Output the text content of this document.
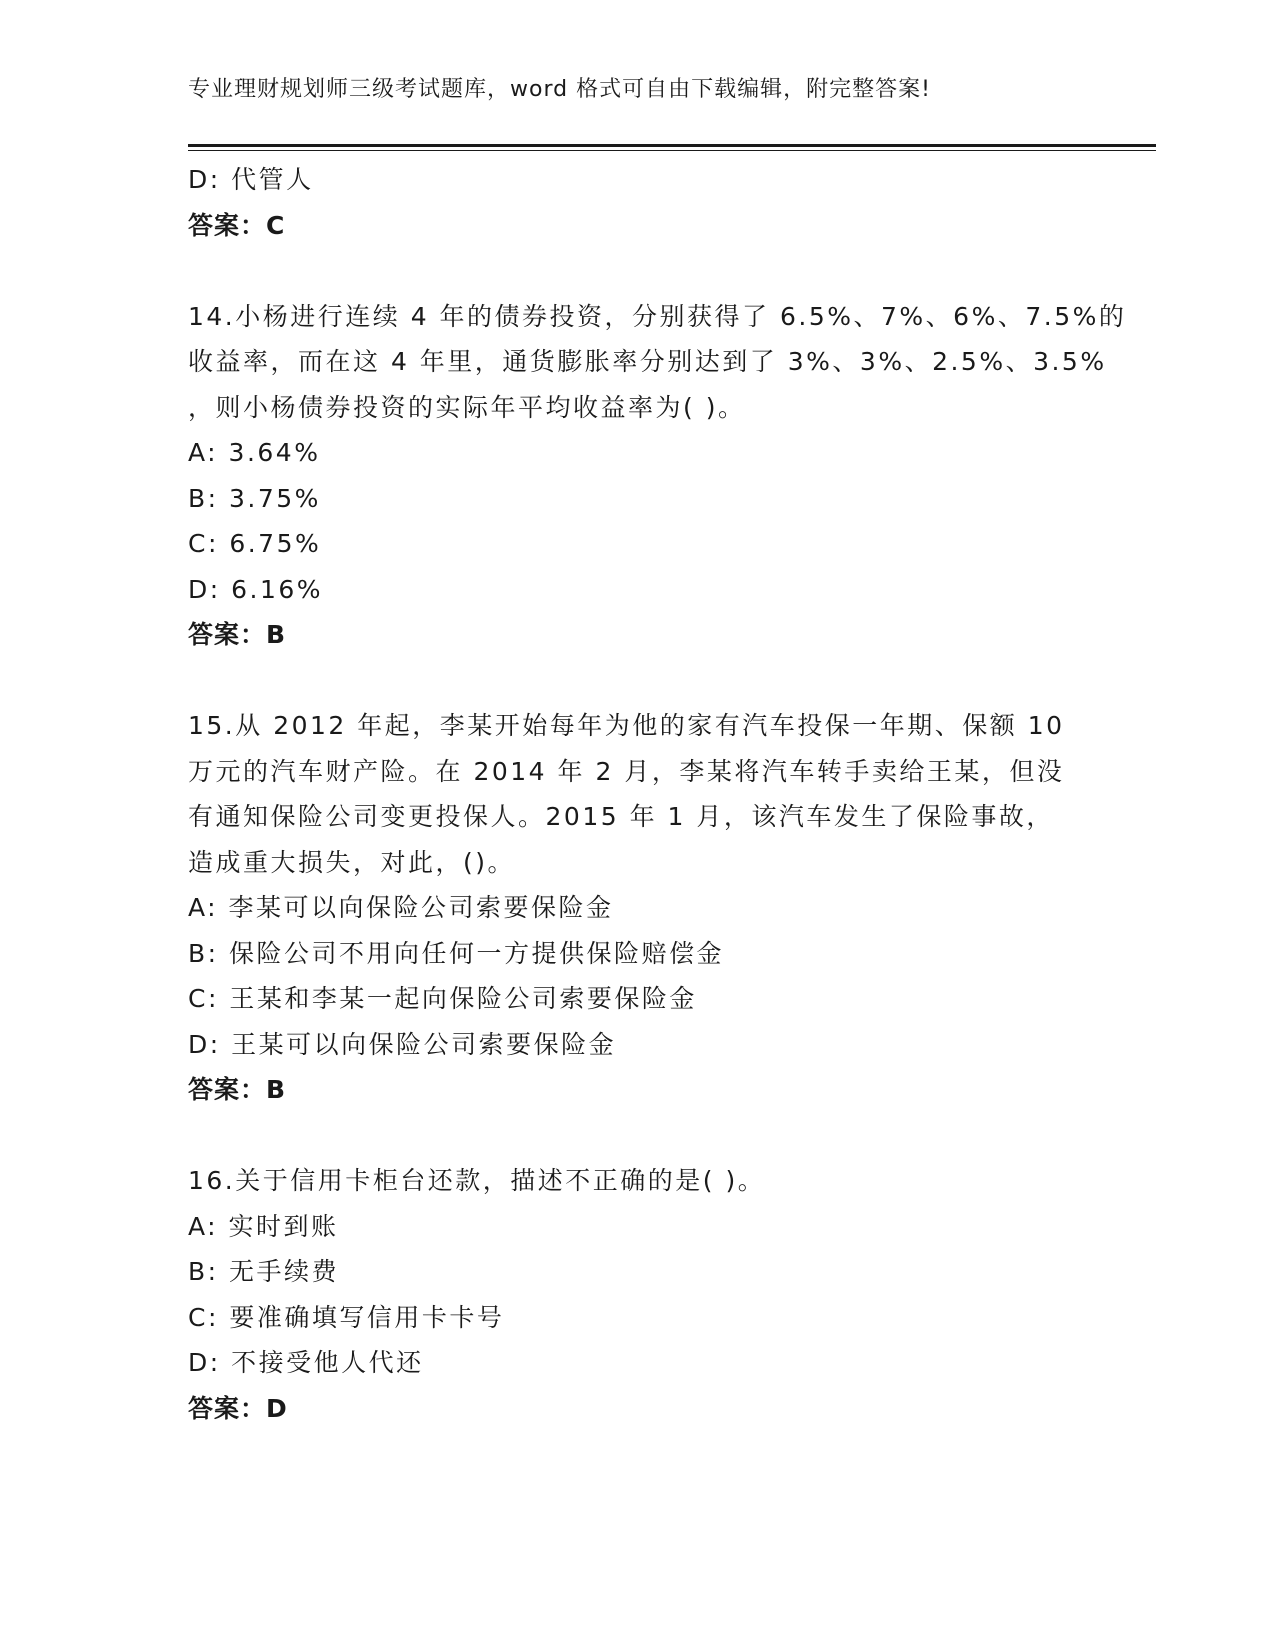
专业理财规划师三级考试题库，word 格式可自由下载编辑，附完整答案!
D: 代管人
答案：C
14.小杨进行连续 4 年的债券投资，分别获得了 6.5%、7%、6%、7.5%的
收益率，而在这 4 年里，通货膨胀率分别达到了 3%、3%、2.5%、3.5%
，则小杨债券投资的实际年平均收益率为( )。
A: 3.64%
B: 3.75%
C: 6.75%
D: 6.16%
答案：B
15.从 2012 年起，李某开始每年为他的家有汽车投保一年期、保额 10
万元的汽车财产险。在 2014 年 2 月，李某将汽车转手卖给王某，但没
有通知保险公司变更投保人。2015 年 1 月，该汽车发生了保险事故，
造成重大损失，对此，()。
A: 李某可以向保险公司索要保险金
B: 保险公司不用向任何一方提供保险赔偿金
C: 王某和李某一起向保险公司索要保险金
D: 王某可以向保险公司索要保险金
答案：B
16.关于信用卡柜台还款，描述不正确的是( )。
A: 实时到账
B: 无手续费
C: 要准确填写信用卡卡号
D: 不接受他人代还
答案：D
